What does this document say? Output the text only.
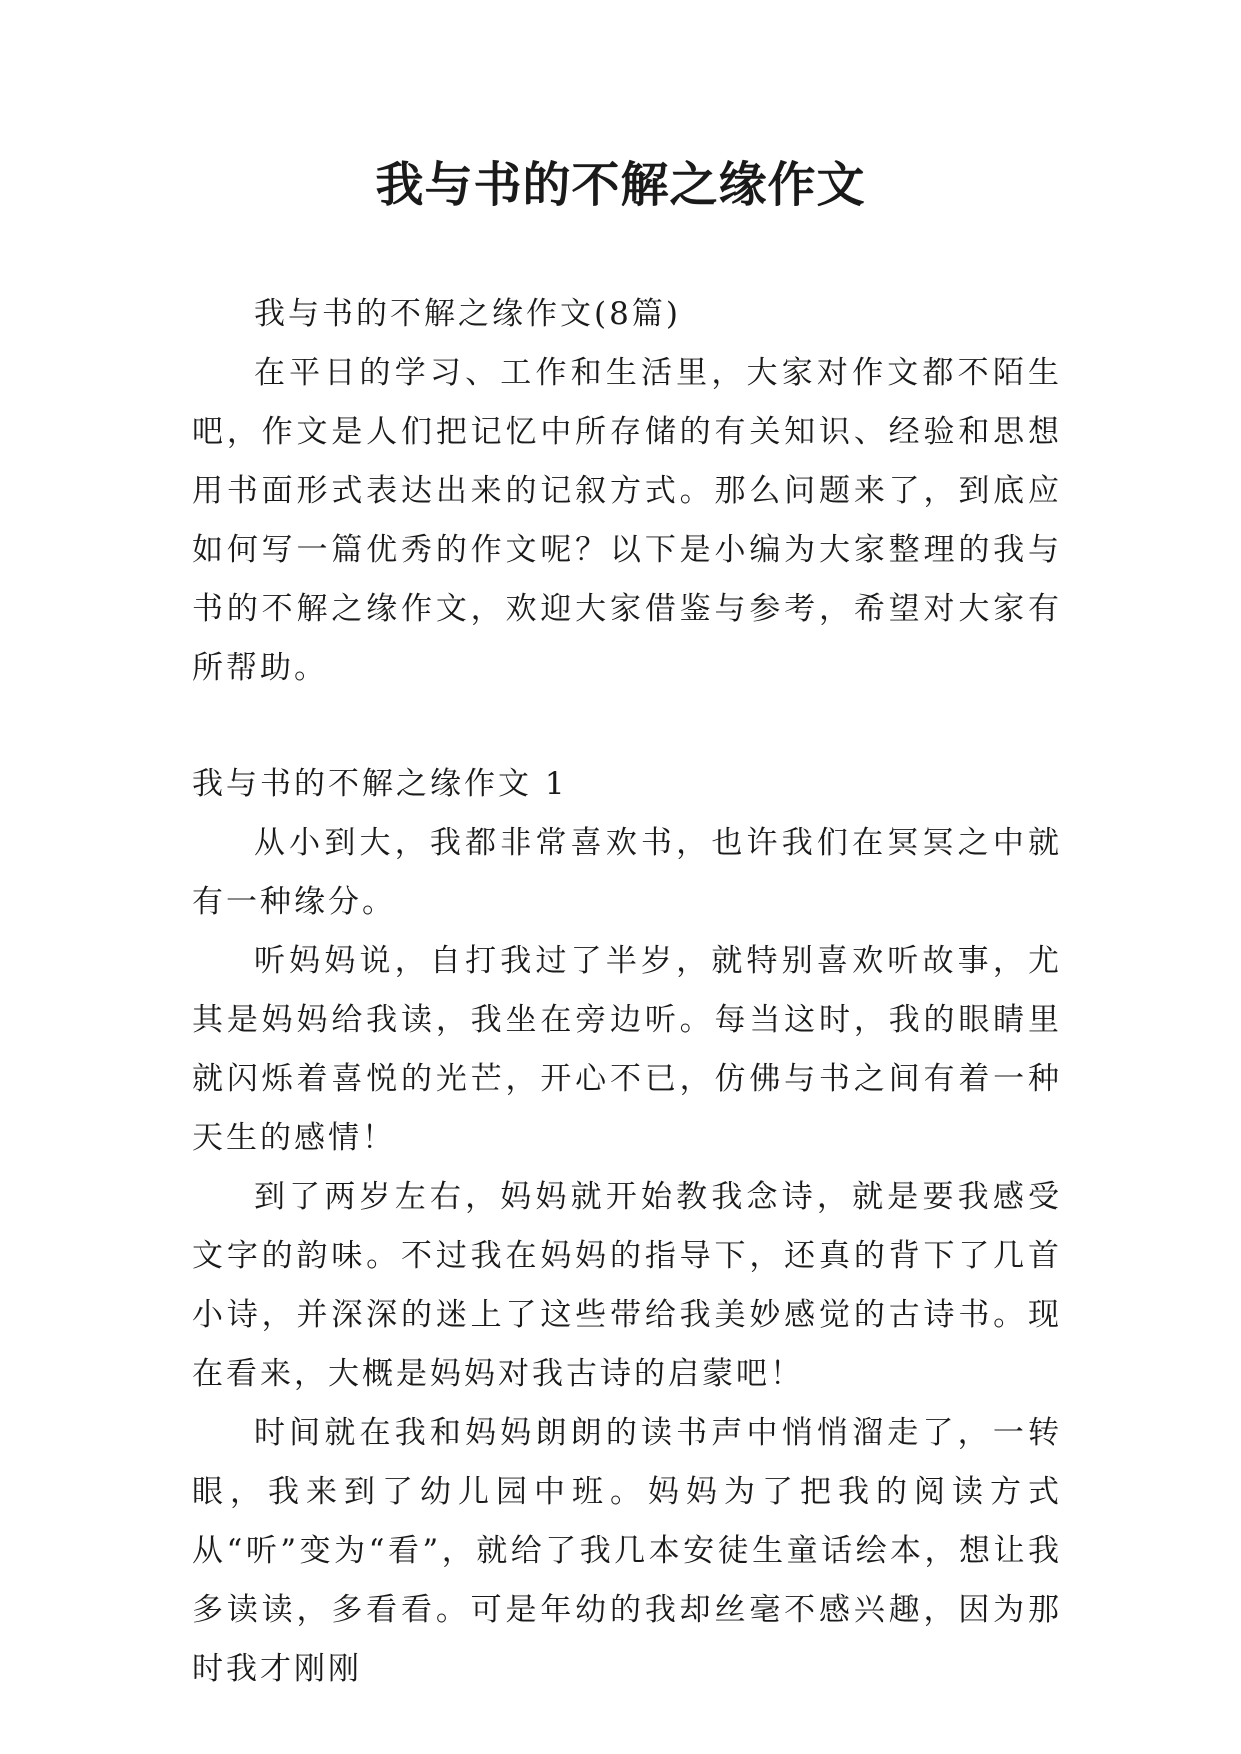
我与书的不解之缘作文

我与书的不解之缘作文(8篇)

在平日的学习、工作和生活里，大家对作文都不陌生吧，作文是人们把记忆中所存储的有关知识、经验和思想用书面形式表达出来的记叙方式。那么问题来了，到底应如何写一篇优秀的作文呢？以下是小编为大家整理的我与书的不解之缘作文，欢迎大家借鉴与参考，希望对大家有所帮助。

我与书的不解之缘作文 1

从小到大，我都非常喜欢书，也许我们在冥冥之中就有一种缘分。

听妈妈说，自打我过了半岁，就特别喜欢听故事，尤其是妈妈给我读，我坐在旁边听。每当这时，我的眼睛里就闪烁着喜悦的光芒，开心不已，仿佛与书之间有着一种天生的感情！

到了两岁左右，妈妈就开始教我念诗，就是要我感受文字的韵味。不过我在妈妈的指导下，还真的背下了几首小诗，并深深的迷上了这些带给我美妙感觉的古诗书。现在看来，大概是妈妈对我古诗的启蒙吧！

时间就在我和妈妈朗朗的读书声中悄悄溜走了，一转眼，我来到了幼儿园中班。妈妈为了把我的阅读方式从“听”变为“看”，就给了我几本安徒生童话绘本，想让我多读读，多看看。可是年幼的我却丝毫不感兴趣，因为那时我才刚刚
